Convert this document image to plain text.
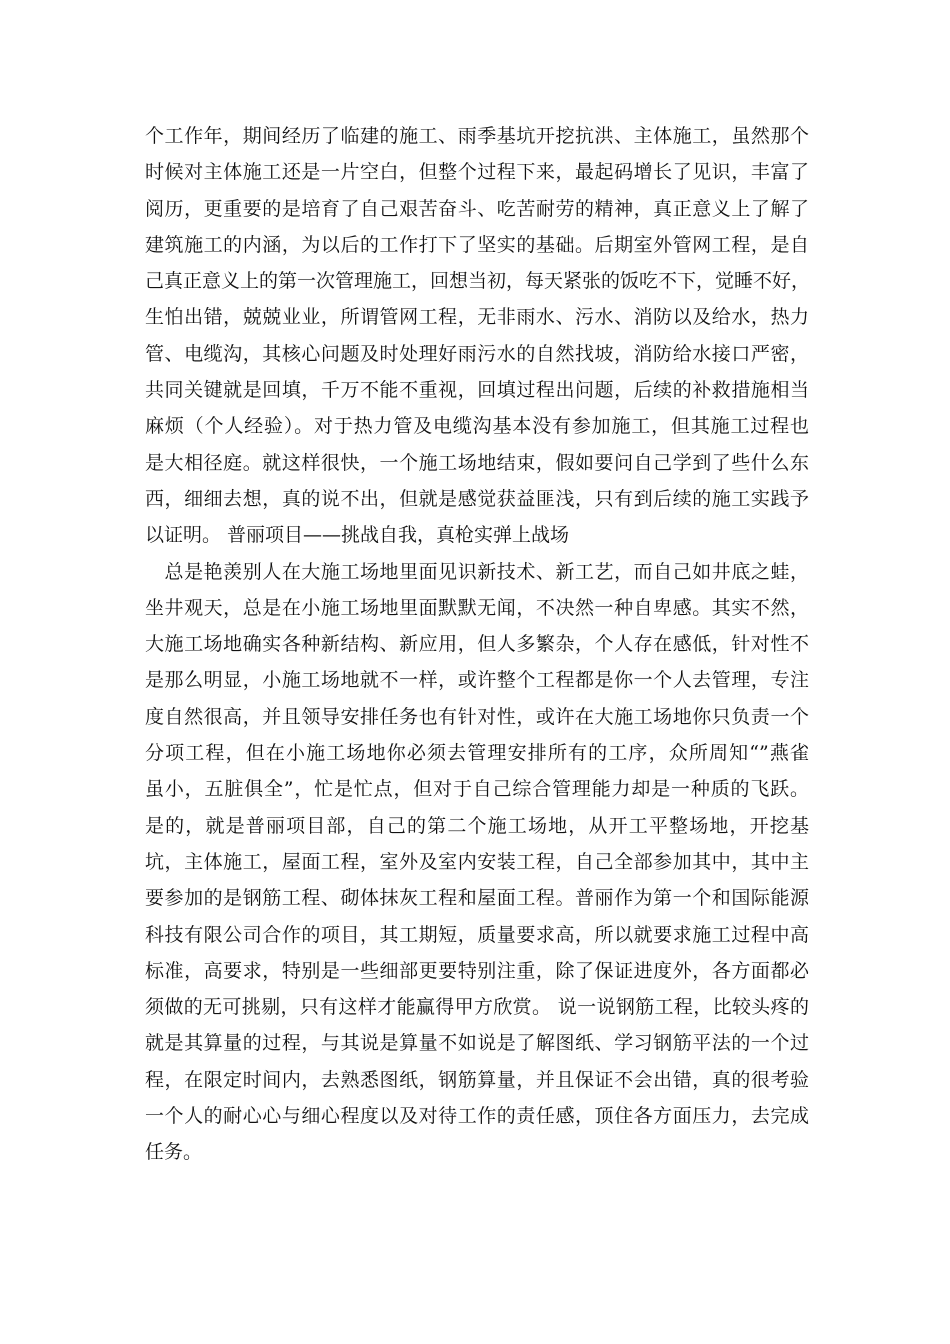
个工作年，期间经历了临建的施工、雨季基坑开挖抗洪、主体施工，虽然那个
时候对主体施工还是一片空白，但整个过程下来，最起码增长了见识，丰富了
阅历，更重要的是培育了自己艰苦奋斗、吃苦耐劳的精神，真正意义上了解了
建筑施工的内涵，为以后的工作打下了坚实的基础。后期室外管网工程，是自
己真正意义上的第一次管理施工，回想当初，每天紧张的饭吃不下，觉睡不好，
生怕出错，兢兢业业，所谓管网工程，无非雨水、污水、消防以及给水，热力
管、电缆沟，其核心问题及时处理好雨污水的自然找坡，消防给水接口严密，
共同关键就是回填，千万不能不重视，回填过程出问题，后续的补救措施相当
麻烦（个人经验）。对于热力管及电缆沟基本没有参加施工，但其施工过程也
是大相径庭。就这样很快，一个施工场地结束，假如要问自己学到了些什么东
西，细细去想，真的说不出，但就是感觉获益匪浅，只有到后续的施工实践予
以证明。 普丽项目——挑战自我，真枪实弹上战场
　总是艳羡别人在大施工场地里面见识新技术、新工艺，而自己如井底之蛙，
坐井观天，总是在小施工场地里面默默无闻，不决然一种自卑感。其实不然，
大施工场地确实各种新结构、新应用，但人多繁杂，个人存在感低，针对性不
是那么明显，小施工场地就不一样，或许整个工程都是你一个人去管理，专注
度自然很高，并且领导安排任务也有针对性，或许在大施工场地你只负责一个
分项工程，但在小施工场地你必须去管理安排所有的工序，众所周知“”燕雀
虽小，五脏俱全”，忙是忙点，但对于自己综合管理能力却是一种质的飞跃。
是的，就是普丽项目部，自己的第二个施工场地，从开工平整场地，开挖基
坑，主体施工，屋面工程，室外及室内安装工程，自己全部参加其中，其中主
要参加的是钢筋工程、砌体抹灰工程和屋面工程。普丽作为第一个和国际能源
科技有限公司合作的项目，其工期短，质量要求高，所以就要求施工过程中高
标准，高要求，特别是一些细部更要特别注重，除了保证进度外，各方面都必
须做的无可挑剔，只有这样才能赢得甲方欣赏。 说一说钢筋工程，比较头疼的
就是其算量的过程，与其说是算量不如说是了解图纸、学习钢筋平法的一个过
程，在限定时间内，去熟悉图纸，钢筋算量，并且保证不会出错，真的很考验
一个人的耐心心与细心程度以及对待工作的责任感，顶住各方面压力，去完成
任务。
